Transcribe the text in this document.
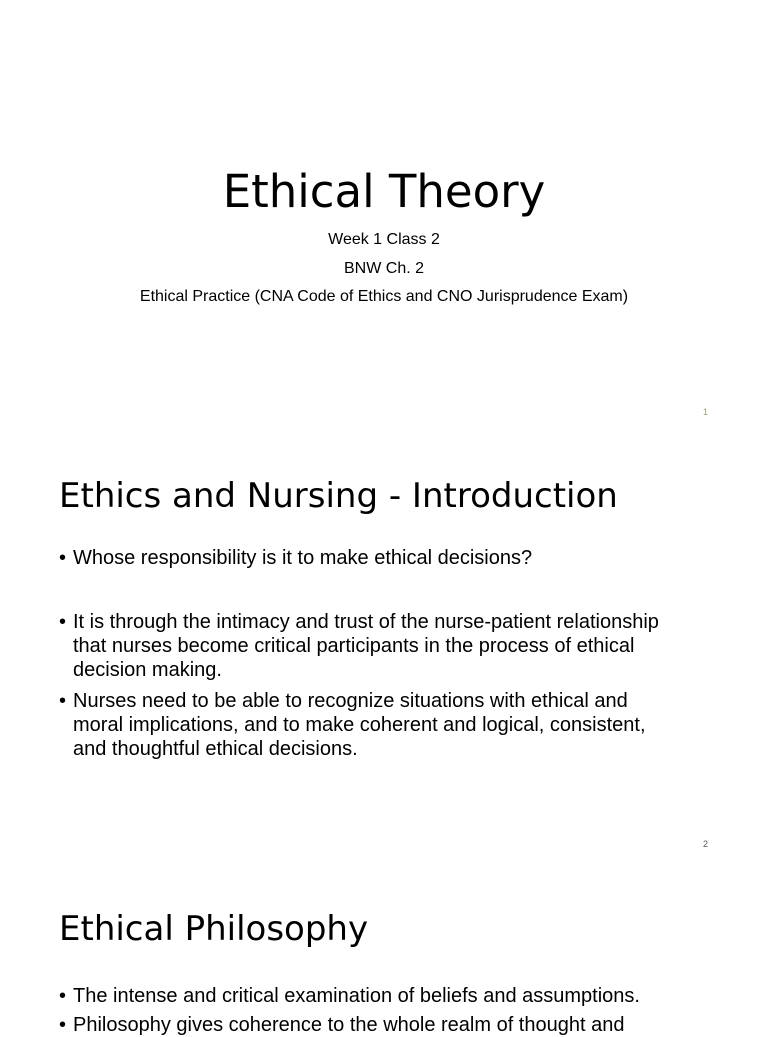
Ethical Theory
Week 1 Class 2
BNW Ch. 2
Ethical Practice (CNA Code of Ethics and CNO Jurisprudence Exam)
1
Ethics and Nursing - Introduction
• Whose responsibility is it to make ethical decisions?
• It is through the intimacy and trust of the nurse-patient relationship that nurses become critical participants in the process of ethical decision making.
• Nurses need to be able to recognize situations with ethical and moral implications, and to make coherent and logical, consistent, and thoughtful ethical decisions.
2
Ethical Philosophy
• The intense and critical examination of beliefs and assumptions.
• Philosophy gives coherence to the whole realm of thought and
